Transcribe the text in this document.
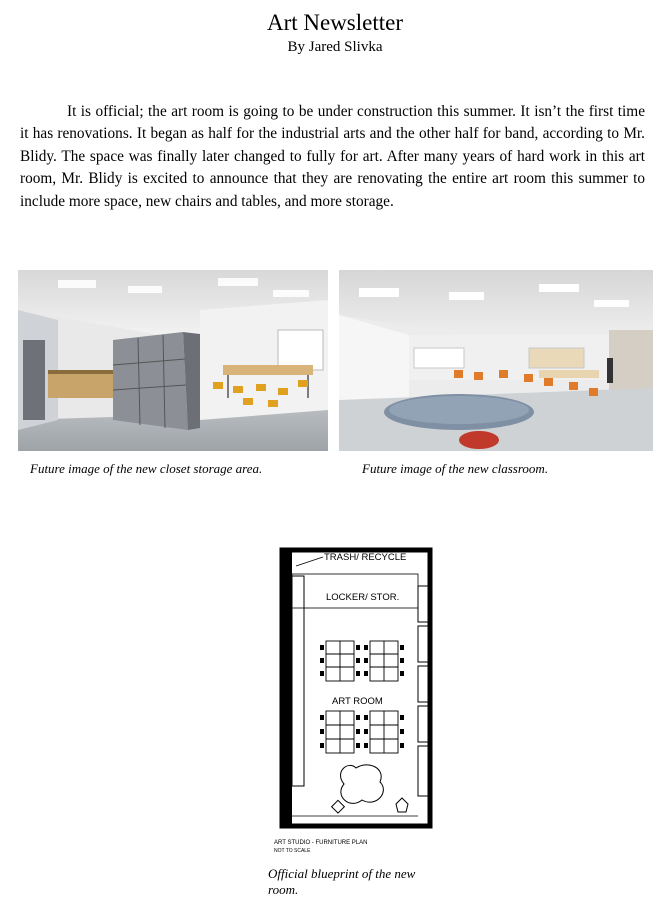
Art Newsletter
By Jared Slivka

It is official; the art room is going to be under construction this summer. It isn’t the first time it has renovations. It began as half for the industrial arts and the other half for band, according to Mr. Blidy. The space was finally later changed to fully for art. After many years of hard work in this art room, Mr. Blidy is excited to announce that they are renovating the entire art room this summer to include more space, new chairs and tables, and more storage.

Future image of the new closet storage area.	Future image of the new classroom.
TRASH/ RECYCLE
LOCKER/ STOR.
ART ROOM
ART STUDIO - FURNITURE PLAN
NOT TO SCALE
Official blueprint of the new room.
